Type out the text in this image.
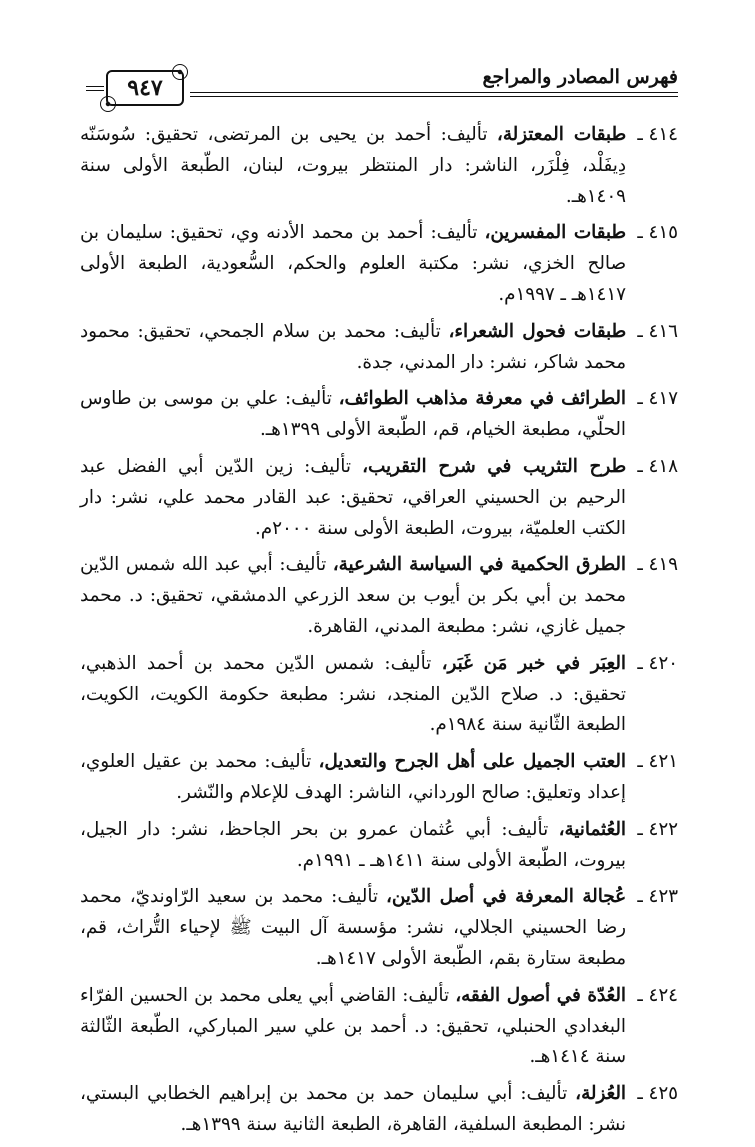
فهرس المصادر والمراجع
٩٤٧
٤١٤ ـ
طبقات المعتزلة، تأليف: أحمد بن يحيى بن المرتضى، تحقيق: سُوسَنّه دِيفَلْد، فِلْزَر، الناشر: دار المنتظر بيروت، لبنان، الطّبعة الأولى سنة ١٤٠٩هـ.
٤١٥ ـ
طبقات المفسرين، تأليف: أحمد بن محمد الأدنه وي، تحقيق: سليمان بن صالح الخزي، نشر: مكتبة العلوم والحكم، السُّعودية، الطبعة الأولى ١٤١٧هـ ـ ١٩٩٧م.
٤١٦ ـ
طبقات فحول الشعراء، تأليف: محمد بن سلام الجمحي، تحقيق: محمود محمد شاكر، نشر: دار المدني، جدة.
٤١٧ ـ
الطرائف في معرفة مذاهب الطوائف، تأليف: علي بن موسى بن طاوس الحلّي، مطبعة الخيام، قم، الطّبعة الأولى ١٣٩٩هـ.
٤١٨ ـ
طرح التثريب في شرح التقريب، تأليف: زين الدّين أبي الفضل عبد الرحيم بن الحسيني العراقي، تحقيق: عبد القادر محمد علي، نشر: دار الكتب العلميّة، بيروت، الطبعة الأولى سنة ٢٠٠٠م.
٤١٩ ـ
الطرق الحكمية في السياسة الشرعية، تأليف: أبي عبد الله شمس الدّين محمد بن أبي بكر بن أيوب بن سعد الزرعي الدمشقي، تحقيق: د. محمد جميل غازي، نشر: مطبعة المدني، القاهرة.
٤٢٠ ـ
العِبَر في خبر مَن غَبَر، تأليف: شمس الدّين محمد بن أحمد الذهبي، تحقيق: د. صلاح الدّين المنجد، نشر: مطبعة حكومة الكويت، الكويت، الطبعة الثّانية سنة ١٩٨٤م.
٤٢١ ـ
العتب الجميل على أهل الجرح والتعديل، تأليف: محمد بن عقيل العلوي، إعداد وتعليق: صالح الورداني، الناشر: الهدف للإعلام والنّشر.
٤٢٢ ـ
العُثمانية، تأليف: أبي عُثمان عمرو بن بحر الجاحظ، نشر: دار الجيل، بيروت، الطّبعة الأولى سنة ١٤١١هـ ـ ١٩٩١م.
٤٢٣ ـ
عُجالة المعرفة في أصل الدّين، تأليف: محمد بن سعيد الرّاونديّ، محمد رضا الحسيني الجلالي، نشر: مؤسسة آل البيت ﷺ لإحياء التُّراث، قم، مطبعة ستارة بقم، الطّبعة الأولى ١٤١٧هـ.
٤٢٤ ـ
العُدّة في أصول الفقه، تأليف: القاضي أبي يعلى محمد بن الحسين الفرّاء البغدادي الحنبلي، تحقيق: د. أحمد بن علي سير المباركي، الطّبعة الثّالثة سنة ١٤١٤هـ.
٤٢٥ ـ
العُزلة، تأليف: أبي سليمان حمد بن محمد بن إبراهيم الخطابي البستي، نشر: المطبعة السلفية، القاهرة، الطبعة الثانية سنة ١٣٩٩هـ.
